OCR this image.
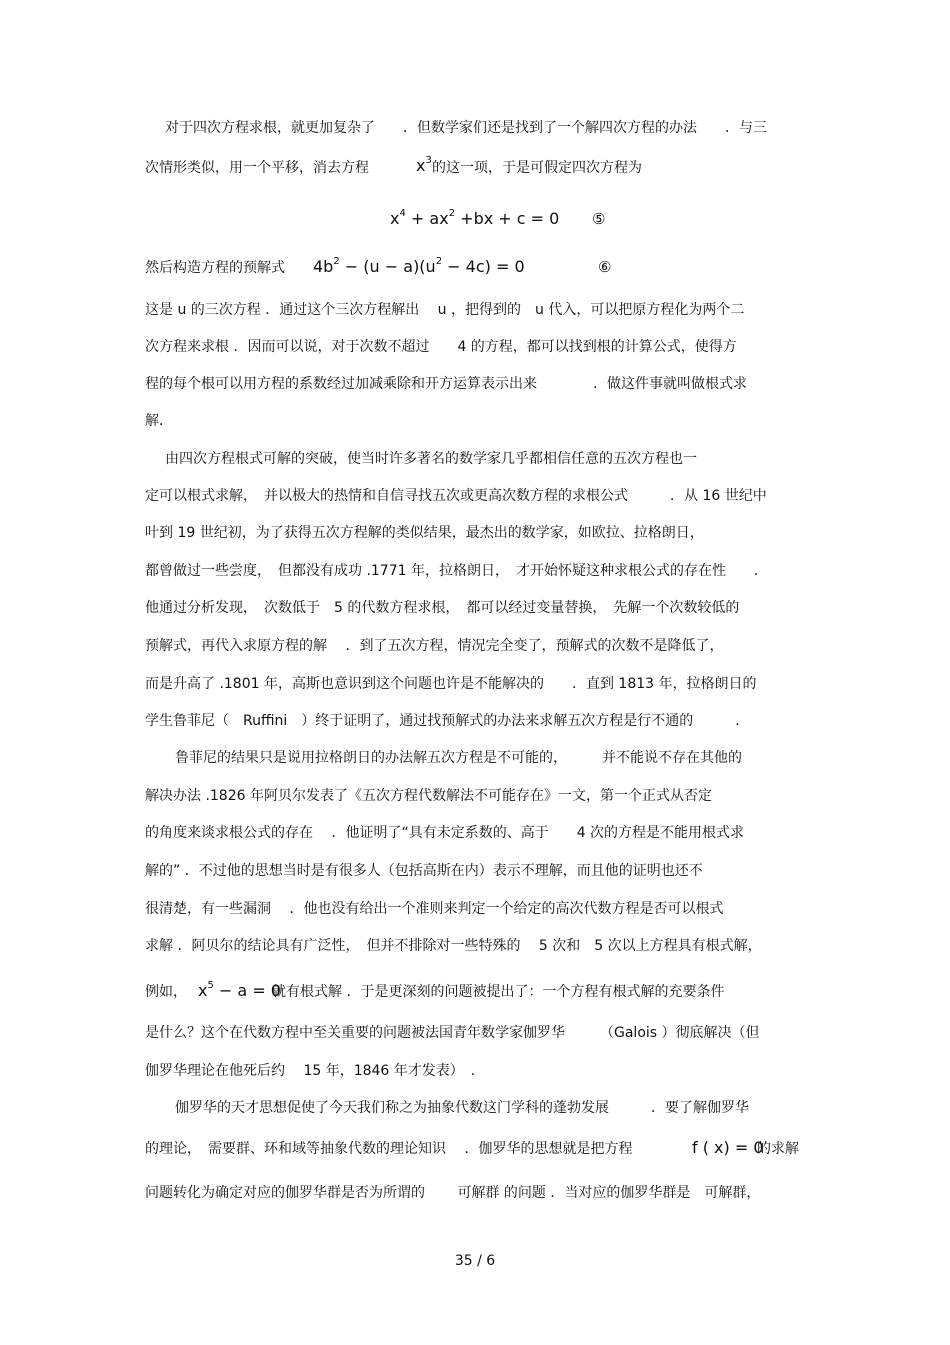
对于四次方程求根，就更加复杂了　　．但数学家们还是找到了一个解四次方程的办法　　．与三
次情形类似，用一个平移，消去方程	$x^3$ 的这一项，于是可假定四次方程为
$x^4 + ax^2 +bx + c = 0$ ⑤
然后构造方程的预解式	$4b^2 - (u - a)(u^2 - 4c) = 0$	⑥
这是 u 的三次方程 ．通过这个三次方程解出　 u ，把得到的　u 代入，可以把原方程化为两个二
次方程来求根 ．因而可以说，对于次数不超过　　4 的方程，都可以找到根的计算公式，使得方
程的每个根可以用方程的系数经过加减乘除和开方运算表示出来　　　　．做这件事就叫做根式求
解．
由四次方程根式可解的突破，使当时许多著名的数学家几乎都相信任意的五次方程也一
定可以根式求解，　并以极大的热情和自信寻找五次或更高次数方程的求根公式　　　．从 16 世纪中
叶到 19 世纪初，为了获得五次方程解的类似结果，最杰出的数学家，如欧拉、拉格朗日，
都曾做过一些尝度，　但都没有成功 .1771 年，拉格朗日，　才开始怀疑这种求根公式的存在性　　．
他通过分析发现，　次数低于　5 的代数方程求根，　都可以经过变量替换，　先解一个次数较低的
预解式，再代入求原方程的解　 ．到了五次方程，情况完全变了，预解式的次数不是降低了，
而是升高了 .1801 年，高斯也意识到这个问题也许是不能解决的　　．直到 1813 年，拉格朗日的
学生鲁菲尼（　Ruffini　）终于证明了，通过找预解式的办法来求解五次方程是行不通的　　　．
鲁菲尼的结果只是说用拉格朗日的办法解五次方程是不可能的，　　　并不能说不存在其他的
解决办法 .1826 年阿贝尔发表了《五次方程代数解法不可能存在》一文，第一个正式从否定
的角度来谈求根公式的存在　 ．他证明了“具有未定系数的、高于　　4 次的方程是不能用根式求
解的” ．不过他的思想当时是有很多人（包括高斯在内）表示不理解，而且他的证明也还不
很清楚，有一些漏洞　 ．他也没有给出一个准则来判定一个给定的高次代数方程是否可以根式
求解 ．阿贝尔的结论具有广泛性，　但并不排除对一些特殊的　 5 次和　5 次以上方程具有根式解，
例如， $x^5 - a = 0$
就有根式解 ．于是更深刻的问题被提出了：一个方程有根式解的充要条件
是什么？这个在代数方程中至关重要的问题被法国青年数学家伽罗华　　　（Galois ）彻底解决（但
伽罗华理论在他死后约　 15 年，1846 年才发表）　．
伽罗华的天才思想促使了今天我们称之为抽象代数这门学科的蓬勃发展　　　．要了解伽罗华
的理论，　需要群、环和域等抽象代数的理论知识　 ．伽罗华的思想就是把方程	f ( x) = 0
的求解
问题转化为确定对应的伽罗华群是否为所谓的　　 可解群 的问题 ．当对应的伽罗华群是　可解群，
35 / 6
